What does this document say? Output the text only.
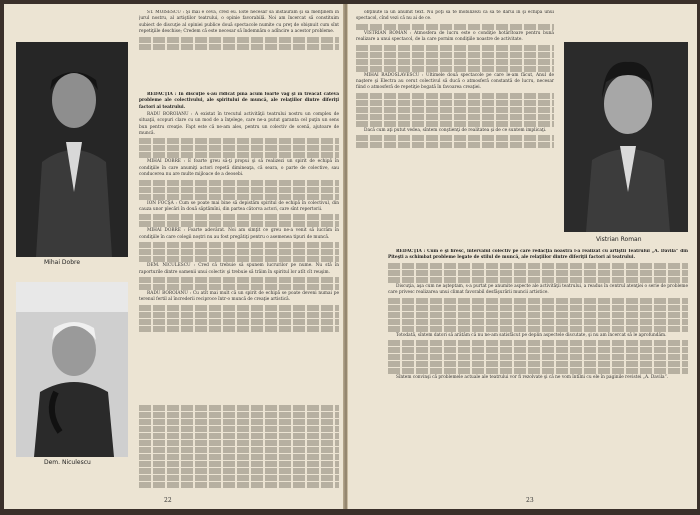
ST. MOISESCU : Şi mai e ceva, cred eu. Este necesar să instaurăm şi să menţinem în jurul nostru, al artiştilor teatrului, o opinie favorabilă. Noi am încercat să constituim subiect de discuţie al opiniei publice două spectacole numite cu preţ de obişnuit cum sînt repetiţiile deschise; Credem că este necesar să îndemnăm o adîncire a acestor probleme.

Mihai Dobre

REDACŢIA : În discuţie s-au ridicat pînă acum foarte vag şi în treacăt câteva probleme ale colectivului, ale spiritului de muncă, ale relaţiilor dintre diferiţi factori ai teatrului.

RADU BOROIANU : A existat în trecutul activităţii teatrului nostru un complex de situaţii, scopuri clare cu un mod de a înţelege, care ne-a putut garanta cel puţin un sens bun pentru creaţie. Fapt este că ne-am ales, pentru un colectiv de scenă, ajutoare de muncă.

MIHAI DOBRE : E foarte greu să-ţi propui şi să realizezi un spirit de echipă în condiţiile în care anumiţi actori repetă dimineaţa, că seara, o parte de colective, sau conducerea nu are multe mijloace de a deosebi.

ION FOCŞA : Cum se poate mai bine să depistăm spiritul de echipă în colectivul, din cauza unor plecări în două săptămîni, din partea câtorva actori, care sînt repertorii.

MIHAI DOBRE : Foarte adevărat. Noi am simţit ce greu ne-a venit să lucrăm în condiţiile în care colegii noştri nu au fost pregătiţi pentru o asemenea tipuri de muncă.

DEM. NICULESCU : Cred că trebuie să spunem lucrurilor pe nume. Nu stă în raporturile dintre oamenii unui colectiv şi trebuie să trăim în spiritul lor atît cît reuşim.

RADU BOROIANU : Cu atît mai mult că un spirit de echipă se poate deveni numai pe terenul fertil al încrederii reciproce într-o muncă de creaţie artistică.

Dem. Niculescu
22

obţinute la un anumit text. Nu poţi să te mobilizezi ca să te dărui în şi echipa unui spectacol, cînd vezi că nu ai de ce.

VISTRIAN ROMAN : Atmosfera de lucru este o condiţie hotărîtoare pentru bună realizare a unui spectacol, de la care pornim condiţiile noastre de activitate.

MIHAI RADOSLAVESCU : Ultimele două spectacole pe care le-am făcut, Anul de naştere şi Electra au cerut colectivul să ducă o atmosferă constantă de lucru, necesar fiind o atmosferă de repetiţie bogată în favoarea creaţiei.

Dacă cum aţi putut vedea, sîntem conştienţi de realitatea şi de ce suntem implicaţi.

Vistrian Roman

REDACŢIA : Cum e şi firesc, intervalul colectiv pe care redacţia noastră l-a realizat cu artiştii Teatrului „A. Davila” din Piteşti a schimbat probleme legate de stilul de muncă, ale relaţiilor dintre diferiţii factori ai teatrului.

Discuţia, aşa cum ne aşteptam, s-a purtat pe anumite aspecte ale activităţii teatrului, a readus în centrul atenţiei o serie de probleme care privesc realizarea unui climat favorabil desfăşurării muncii artistice.

Totodată, sîntem datori să arătăm că nu ne-am satisfăcut pe deplin aspectele discutate, şi nu am încercat să le aprofundăm.

Sîntem convinşi că problemele actuale ale teatrului vor fi rezolvate şi că ne vom întîlni cu ele în paginile revistei „A. Davila”.

23
